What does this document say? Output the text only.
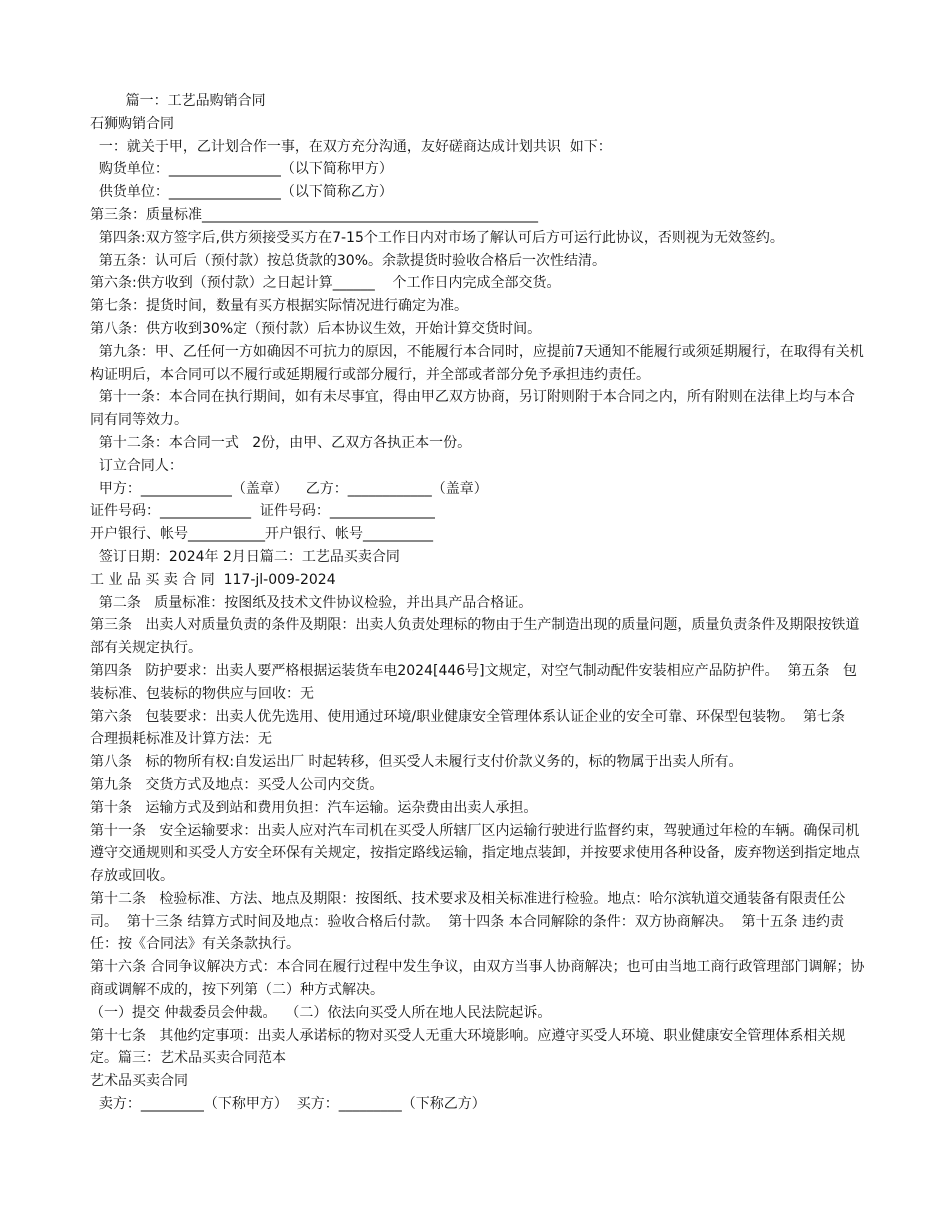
篇一：工艺品购销合同

石狮购销合同

一：就关于甲，乙计划合作一事，在双方充分沟通，友好磋商达成计划共识  如下：

购货单位：________________（以下简称甲方）

供货单位：________________（以下简称乙方）

第三条：质量标准________________________________________________

第四条:双方签字后,供方须接受买方在7-15个工作日内对市场了解认可后方可运行此协议，否则视为无效签约。

第五条：认可后（预付款）按总货款的30%。余款提货时验收合格后一次性结清。

第六条:供方收到（预付款）之日起计算______    个工作日内完成全部交货。

第七条：提货时间，数量有买方根据实际情况进行确定为准。

第八条：供方收到30%定（预付款）后本协议生效，开始计算交货时间。

第九条：甲、乙任何一方如确因不可抗力的原因，不能履行本合同时，应提前7天通知不能履行或须延期履行，在取得有关机构证明后，本合同可以不履行或延期履行或部分履行，并全部或者部分免予承担违约责任。

第十一条：本合同在执行期间，如有未尽事宜，得由甲乙双方协商，另订附则附于本合同之内，所有附则在法律上均与本合同有同等效力。

第十二条：本合同一式   2份，由甲、乙双方各执正本一份。

订立合同人：

甲方：_____________（盖章）    乙方：____________（盖章）

证件号码：_____________  证件号码：_______________

开户银行、帐号___________开户银行、帐号__________

签订日期：2024年 2月日篇二：工艺品买卖合同

工 业 品 买 卖 合 同  117-jl-009-2024

第二条   质量标准：按图纸及技术文件协议检验，并出具产品合格证。

第三条   出卖人对质量负责的条件及期限：出卖人负责处理标的物由于生产制造出现的质量问题，质量负责条件及期限按铁道部有关规定执行。

第四条   防护要求：出卖人要严格根据运装货车电2024[446号]文规定，对空气制动配件安装相应产品防护件。  第五条   包装标准、包装标的物供应与回收：无

第六条   包装要求：出卖人优先选用、使用通过环境/职业健康安全管理体系认证企业的安全可靠、环保型包装物。  第七条   合理损耗标准及计算方法：无

第八条   标的物所有权:自发运出厂 时起转移，但买受人未履行支付价款义务的，标的物属于出卖人所有。

第九条   交货方式及地点：买受人公司内交货。

第十条   运输方式及到站和费用负担：汽车运输。运杂费由出卖人承担。

第十一条   安全运输要求：出卖人应对汽车司机在买受人所辖厂区内运输行驶进行监督约束，驾驶通过年检的车辆。确保司机遵守交通规则和买受人方安全环保有关规定，按指定路线运输，指定地点装卸，并按要求使用各种设备，废弃物送到指定地点存放或回收。

第十二条   检验标准、方法、地点及期限：按图纸、技术要求及相关标准进行检验。地点：哈尔滨轨道交通装备有限责任公司。  第十三条 结算方式时间及地点：验收合格后付款。  第十四条 本合同解除的条件：双方协商解决。  第十五条 违约责任：按《合同法》有关条款执行。

第十六条 合同争议解决方式：本合同在履行过程中发生争议，由双方当事人协商解决；也可由当地工商行政管理部门调解；协商或调解不成的，按下列第（二）种方式解决。

（一）提交 仲裁委员会仲裁。  （二）依法向买受人所在地人民法院起诉。

第十七条   其他约定事项：出卖人承诺标的物对买受人无重大环境影响。应遵守买受人环境、职业健康安全管理体系相关规定。篇三：艺术品买卖合同范本

艺术品买卖合同

卖方：_________（下称甲方）  买方：_________（下称乙方）
